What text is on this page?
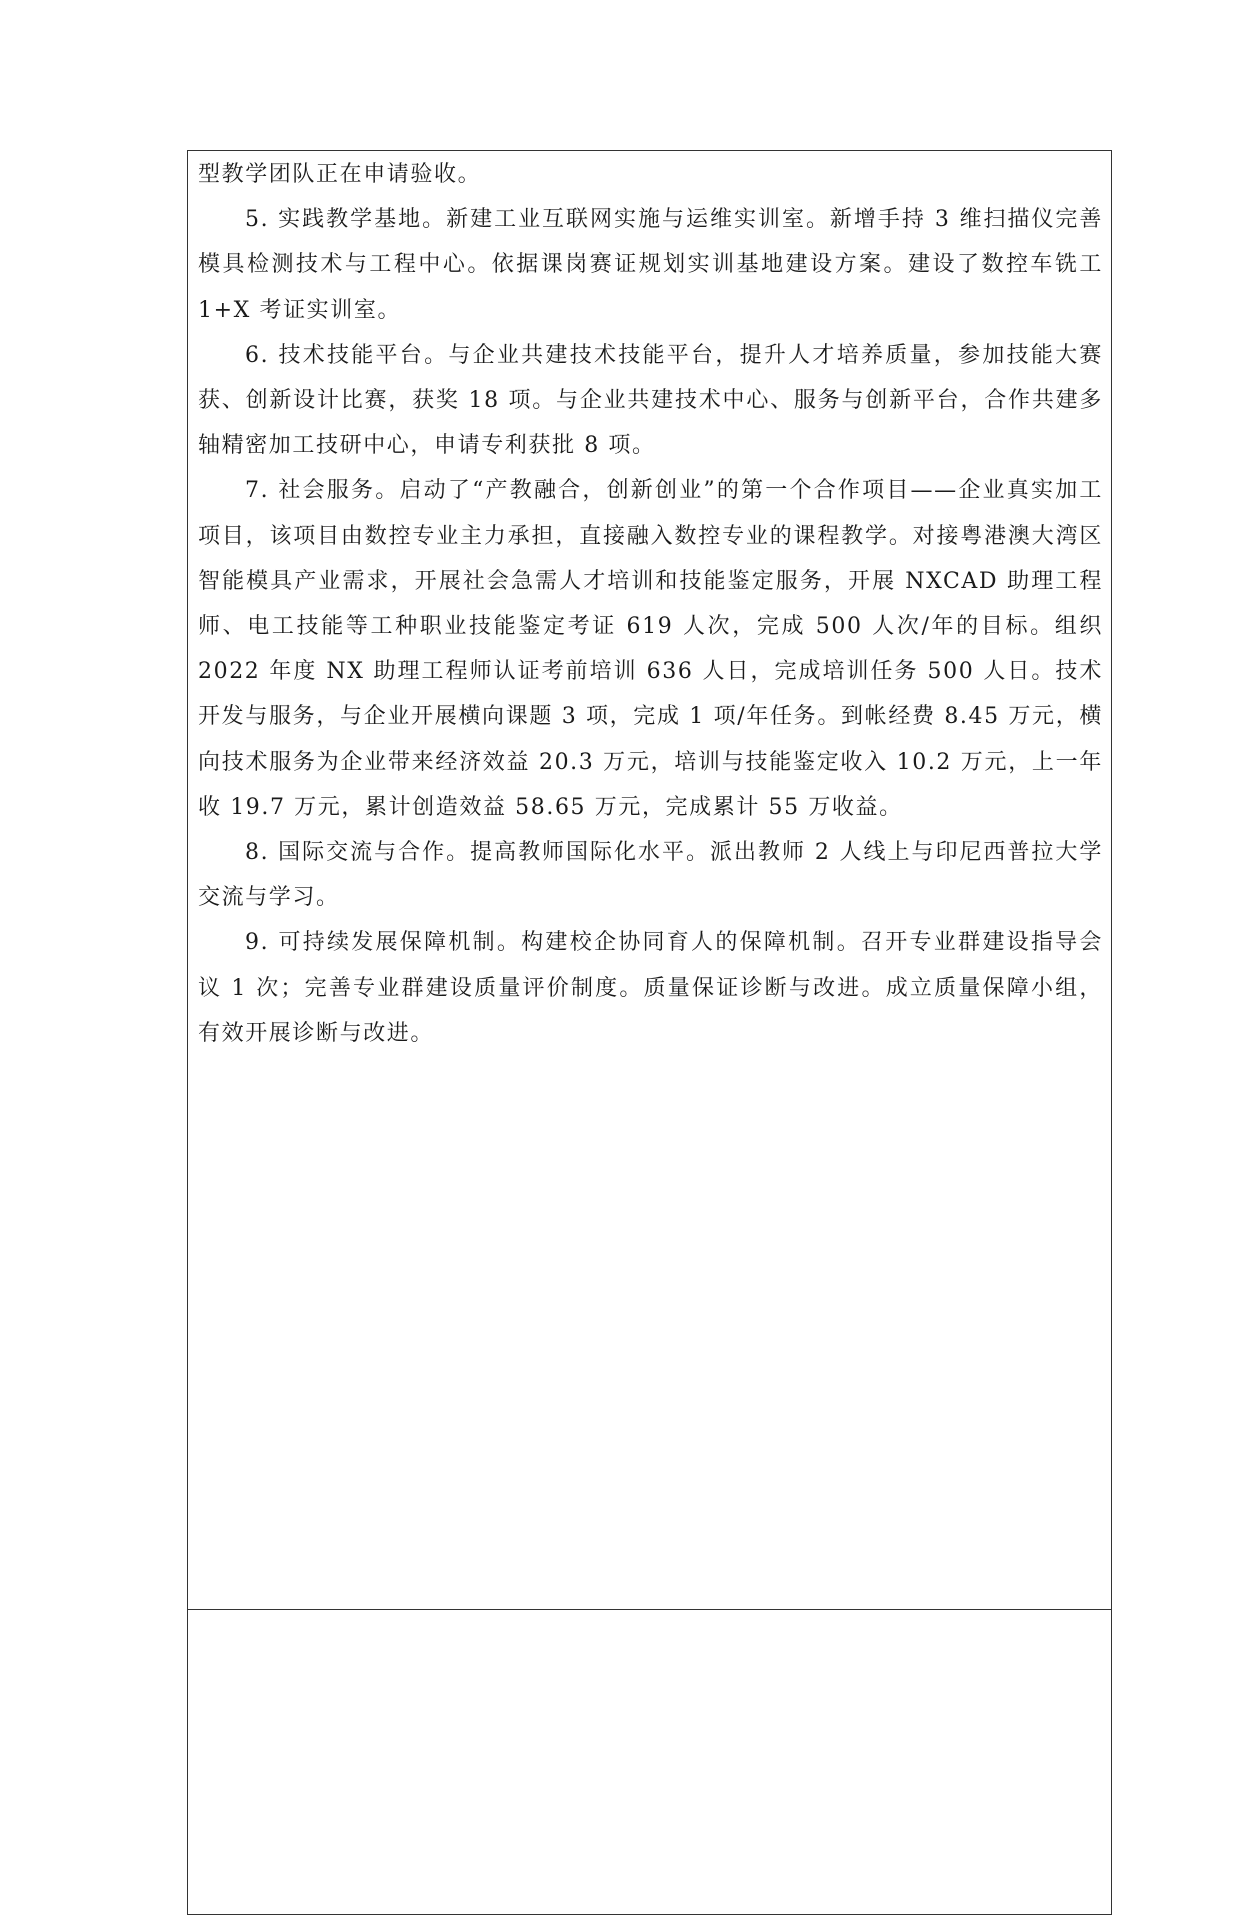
型教学团队正在申请验收。

5. 实践教学基地。新建工业互联网实施与运维实训室。新增手持 3 维扫描仪完善模具检测技术与工程中心。依据课岗赛证规划实训基地建设方案。建设了数控车铣工 1+X 考证实训室。

6. 技术技能平台。与企业共建技术技能平台，提升人才培养质量，参加技能大赛获、创新设计比赛，获奖 18 项。与企业共建技术中心、服务与创新平台，合作共建多轴精密加工技研中心，申请专利获批 8 项。

7. 社会服务。启动了“产教融合，创新创业”的第一个合作项目——企业真实加工项目，该项目由数控专业主力承担，直接融入数控专业的课程教学。对接粤港澳大湾区智能模具产业需求，开展社会急需人才培训和技能鉴定服务，开展 NXCAD 助理工程师、电工技能等工种职业技能鉴定考证 619 人次，完成 500 人次/年的目标。组织 2022 年度 NX 助理工程师认证考前培训 636 人日，完成培训任务 500 人日。技术开发与服务，与企业开展横向课题 3 项，完成 1 项/年任务。到帐经费 8.45 万元，横向技术服务为企业带来经济效益 20.3 万元，培训与技能鉴定收入 10.2 万元，上一年收 19.7 万元，累计创造效益 58.65 万元，完成累计 55 万收益。

8. 国际交流与合作。提高教师国际化水平。派出教师 2 人线上与印尼西普拉大学交流与学习。

9. 可持续发展保障机制。构建校企协同育人的保障机制。召开专业群建设指导会议 1 次；完善专业群建设质量评价制度。质量保证诊断与改进。成立质量保障小组，有效开展诊断与改进。
